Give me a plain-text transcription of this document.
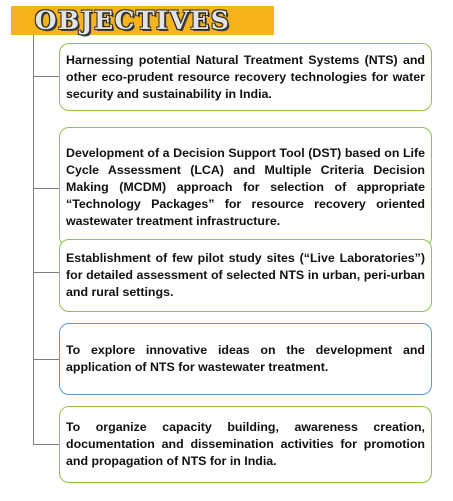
OBJECTIVES
Harnessing potential Natural Treatment Systems (NTS) and other eco-prudent resource recovery technologies for water security and sustainability in India.
Development of a Decision Support Tool (DST) based on Life Cycle Assessment (LCA) and Multiple Criteria Decision Making (MCDM) approach for selection of appropriate “Technology Packages” for resource recovery oriented wastewater treatment infrastructure.
Establishment of few pilot study sites (“Live Laboratories”) for detailed assessment of selected NTS in urban, peri-urban and rural settings.
To explore innovative ideas on the development and application of NTS for wastewater treatment.
To organize capacity building, awareness creation, documentation and dissemination activities for promotion and propagation of NTS for in India.
